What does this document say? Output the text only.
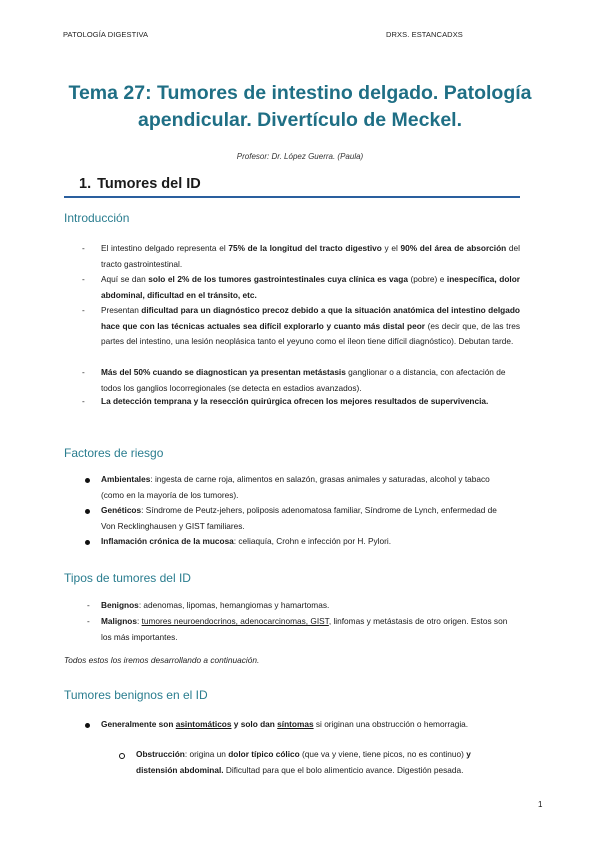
PATOLOGÍA DIGESTIVA	DRXS. ESTANCADXS
Tema 27: Tumores de intestino delgado. Patología
apendicular. Divertículo de Meckel.
Profesor: Dr. López Guerra. (Paula)
1. Tumores del ID
Introducción
- El intestino delgado representa el 75% de la longitud del tracto digestivo y el 90% del área de absorción del tracto gastrointestinal.
- Aquí se dan solo el 2% de los tumores gastrointestinales cuya clínica es vaga (pobre) e inespecífica, dolor abdominal, dificultad en el tránsito, etc.
- Presentan dificultad para un diagnóstico precoz debido a que la situación anatómica del intestino delgado hace que con las técnicas actuales sea difícil explorarlo y cuanto más distal peor (es decir que, de las tres partes del intestino, una lesión neoplásica tanto el yeyuno como el íleon tiene difícil diagnóstico). Debutan tarde.
- Más del 50% cuando se diagnostican ya presentan metástasis ganglionar o a distancia, con afectación de todos los ganglios locorregionales (se detecta en estadios avanzados).
- La detección temprana y la resección quirúrgica ofrecen los mejores resultados de supervivencia.
Factores de riesgo
Ambientales: ingesta de carne roja, alimentos en salazón, grasas animales y saturadas, alcohol y tabaco (como en la mayoría de los tumores).
Genéticos: Síndrome de Peutz-jehers, poliposis adenomatosa familiar, Síndrome de Lynch, enfermedad de Von Recklinghausen y GIST familiares.
Inflamación crónica de la mucosa: celiaquía, Crohn e infección por H. Pylori.
Tipos de tumores del ID
- Benignos: adenomas, lipomas, hemangiomas y hamartomas.
- Malignos: tumores neuroendocrinos, adenocarcinomas, GIST, linfomas y metástasis de otro origen. Estos son los más importantes.
Todos estos los iremos desarrollando a continuación.
Tumores benignos en el ID
Generalmente son asintomáticos y solo dan síntomas si originan una obstrucción o hemorragia.
Obstrucción: origina un dolor típico cólico (que va y viene, tiene picos, no es continuo) y distensión abdominal. Dificultad para que el bolo alimenticio avance. Digestión pesada.
1
